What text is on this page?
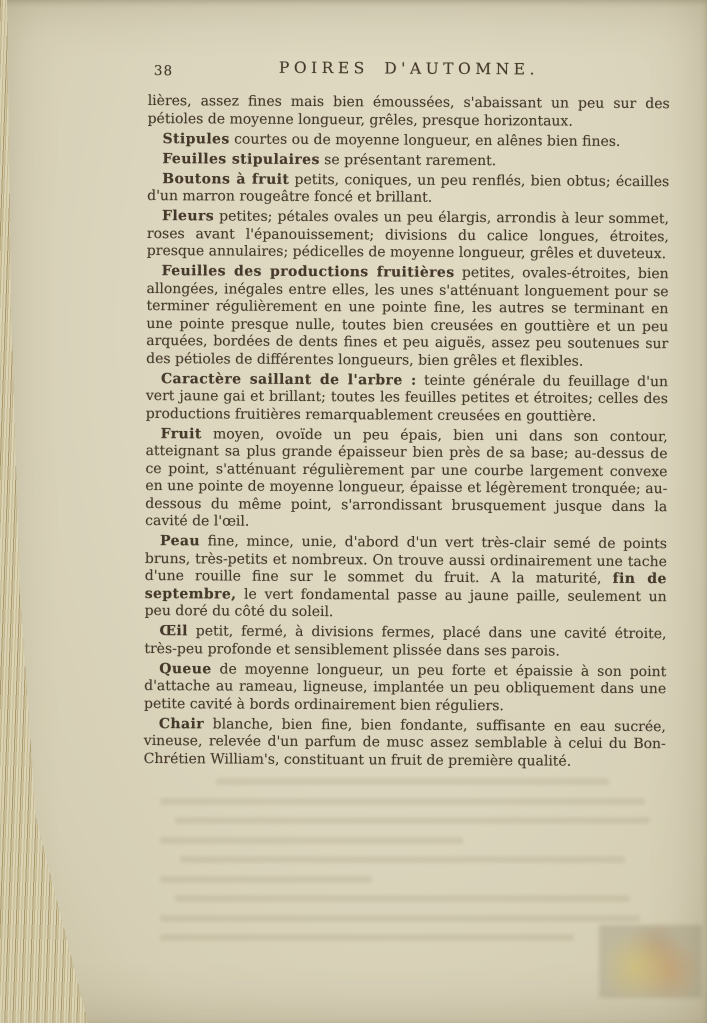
38	POIRES D'AUTOMNE.

lières, assez fines mais bien émoussées, s'abaissant un peu sur des pétioles de moyenne longueur, grêles, presque horizontaux.

Stipules courtes ou de moyenne longueur, en alênes bien fines.

Feuilles stipulaires se présentant rarement.

Boutons à fruit petits, coniques, un peu renflés, bien obtus; écailles d'un marron rougeâtre foncé et brillant.

Fleurs petites; pétales ovales un peu élargis, arrondis à leur sommet, roses avant l'épanouissement; divisions du calice longues, étroites, presque annulaires; pédicelles de moyenne longueur, grêles et duveteux.

Feuilles des productions fruitières petites, ovales-étroites, bien allongées, inégales entre elles, les unes s'atténuant longuement pour se terminer régulièrement en une pointe fine, les autres se terminant en une pointe presque nulle, toutes bien creusées en gouttière et un peu arquées, bordées de dents fines et peu aiguës, assez peu soutenues sur des pétioles de différentes longueurs, bien grêles et flexibles.

Caractère saillant de l'arbre : teinte générale du feuillage d'un vert jaune gai et brillant; toutes les feuilles petites et étroites; celles des productions fruitières remarquablement creusées en gouttière.

Fruit moyen, ovoïde un peu épais, bien uni dans son contour, atteignant sa plus grande épaisseur bien près de sa base; au-dessus de ce point, s'atténuant régulièrement par une courbe largement convexe en une pointe de moyenne longueur, épaisse et légèrement tronquée; au-dessous du même point, s'arrondissant brusquement jusque dans la cavité de l'œil.

Peau fine, mince, unie, d'abord d'un vert très-clair semé de points bruns, très-petits et nombreux. On trouve aussi ordinairement une tache d'une rouille fine sur le sommet du fruit. A la maturité, fin de septembre, le vert fondamental passe au jaune paille, seulement un peu doré du côté du soleil.

Œil petit, fermé, à divisions fermes, placé dans une cavité étroite, très-peu profonde et sensiblement plissée dans ses parois.

Queue de moyenne longueur, un peu forte et épaissie à son point d'attache au rameau, ligneuse, implantée un peu obliquement dans une petite cavité à bords ordinairement bien réguliers.

Chair blanche, bien fine, bien fondante, suffisante en eau sucrée, vineuse, relevée d'un parfum de musc assez semblable à celui du Bon-Chrétien William's, constituant un fruit de première qualité.
